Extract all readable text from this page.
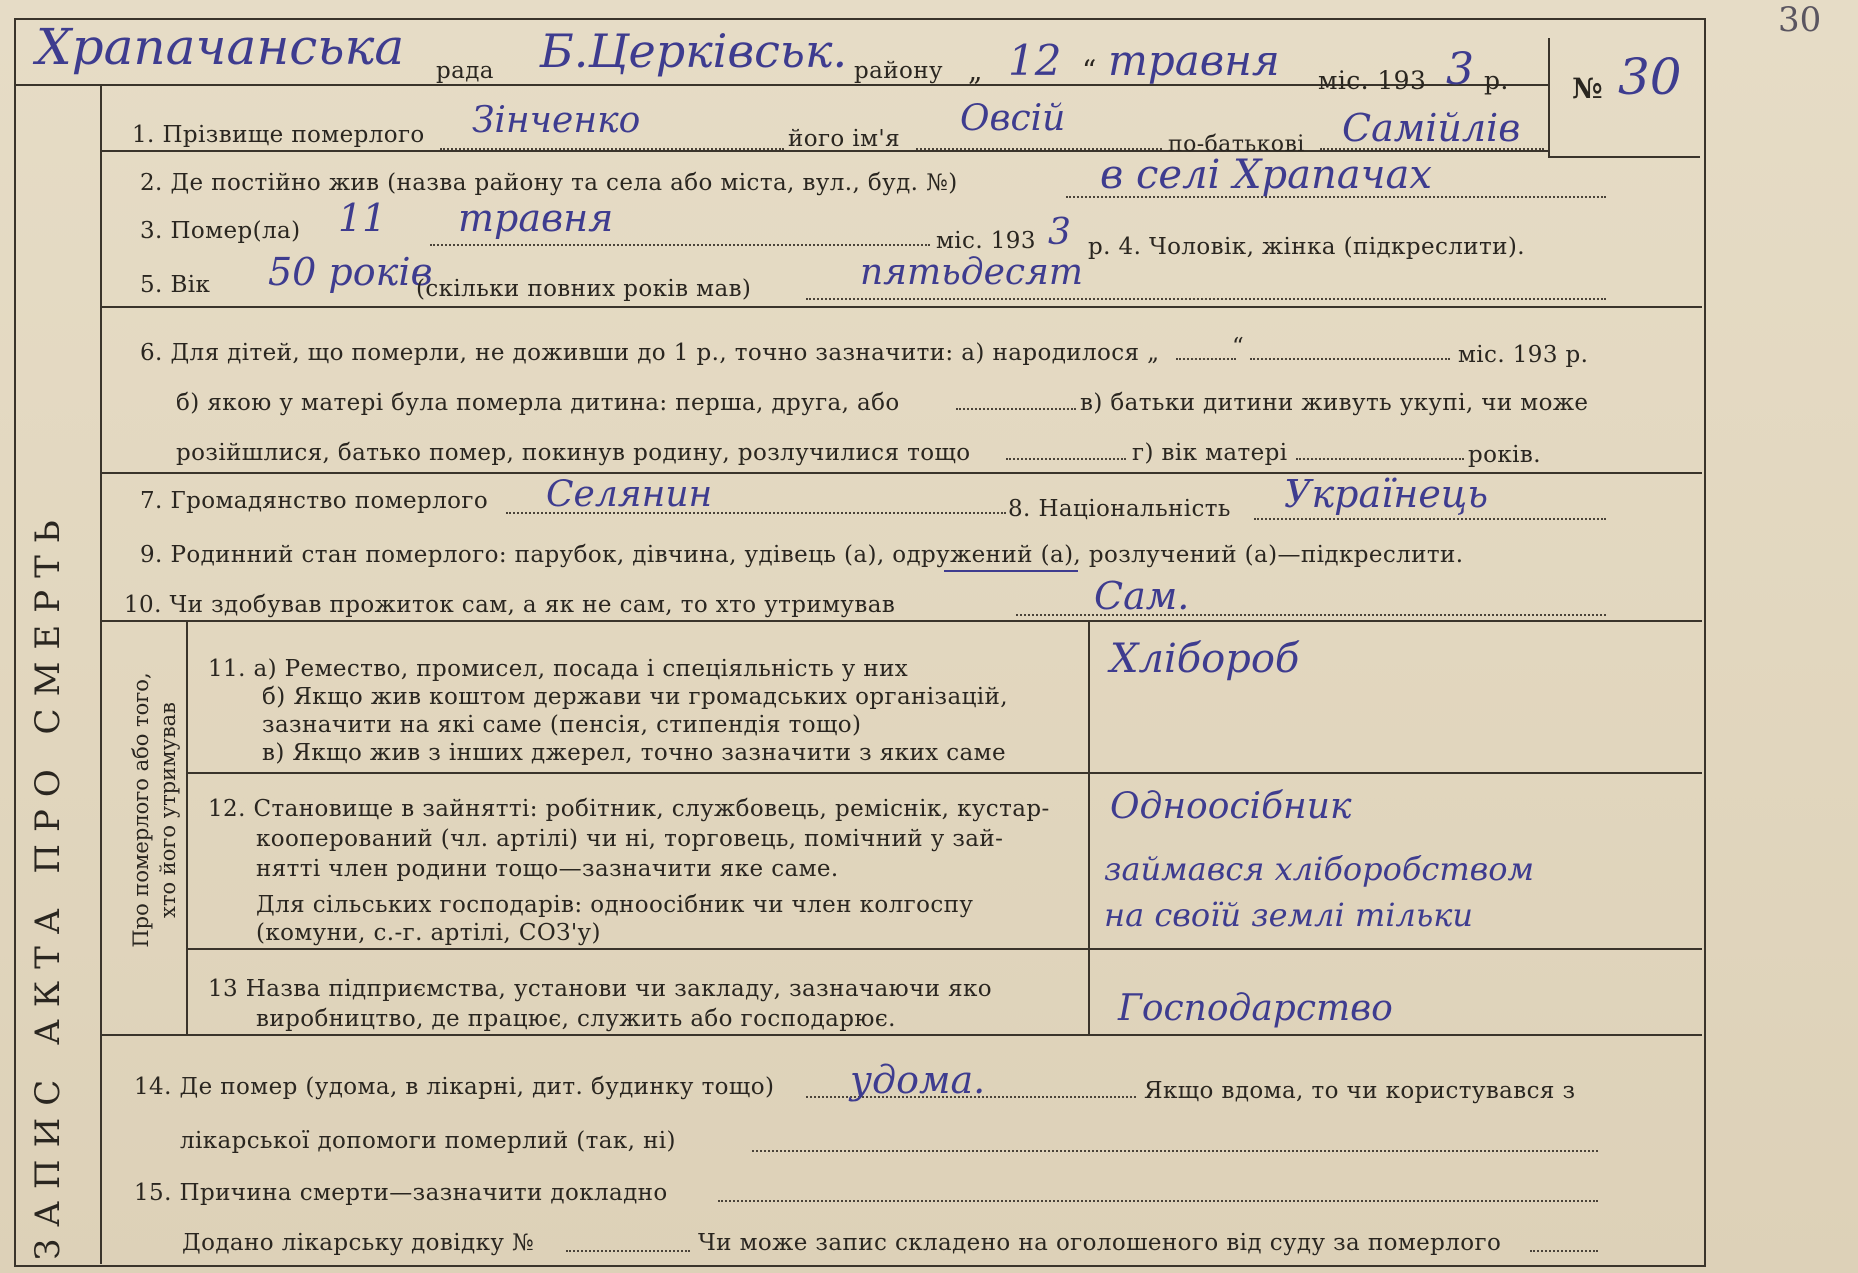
№ 30
30
Храпачанська рада Б.Церківськ. району „ 12 “ травня міс. 193 3 р.
ЗАПИС АКТА ПРО СМЕРТЬ
1. Прізвище померлого Зінченко	його ім'я Овсій
по-батькові Самійлів
2. Де постійно жив (назва району та села або міста, вул., буд. №)	в селі Храпачах
3. Помер(ла) 11 травня
міс. 193 3 р. 4. Чоловік, жінка (підкреслити).
5. Вік 50 років
(скільки повних років мав)	пятьдесят
6. Для дітей, що померли, не доживши до 1 р., точно зазначити: а) народилося „	“	міс. 193 р.
б) якою у матері була померла дитина: перша, друга, або	в) батьки дитини живуть укупі, чи може
розійшлися, батько помер, покинув родину, розлучилися тощо	г) вік матері	років.
7. Громадянство померлого Селянин	8. Національність Українець
9. Родинний стан померлого: парубок, дівчина, удівець (а), одружений (а), розлучений (а)—підкреслити.
10. Чи здобував прожиток сам, а як не сам, то хто утримував	Сам.
Про померлого або того, хто його утримував
11. а) Ремество, промисел, посада і спеціяльність у них
б) Якщо жив коштом держави чи громадських організацій,
зазначити на які саме (пенсія, стипендія тощо)
в) Якщо жив з інших джерел, точно зазначити з яких саме
Хлібороб
12. Становище в зайнятті: робітник, службовець, реміснік, кустар-
кооперований (чл. артілі) чи ні, торговець, помічний у зай-
нятті член родини тощо—зазначити яке саме.
Для сільських господарів: одноосібник чи член колгоспу
(комуни, с.-г. артілі, СОЗ'у)
Одноосібник
займався хліборобством
на своїй землі тільки
13 Назва підприємства, установи чи закладу, зазначаючи яко
виробництво, де працює, служить або господарює.	Господарство
14. Де помер (удома, в лікарні, дит. будинку тощо) удома.	Якщо вдома, то чи користувався з
лікарської допомоги померлий (так, ні)
15. Причина смерти—зазначити докладно
Додано лікарську довідку №	Чи може запис складено на оголошеного від суду за померлого
